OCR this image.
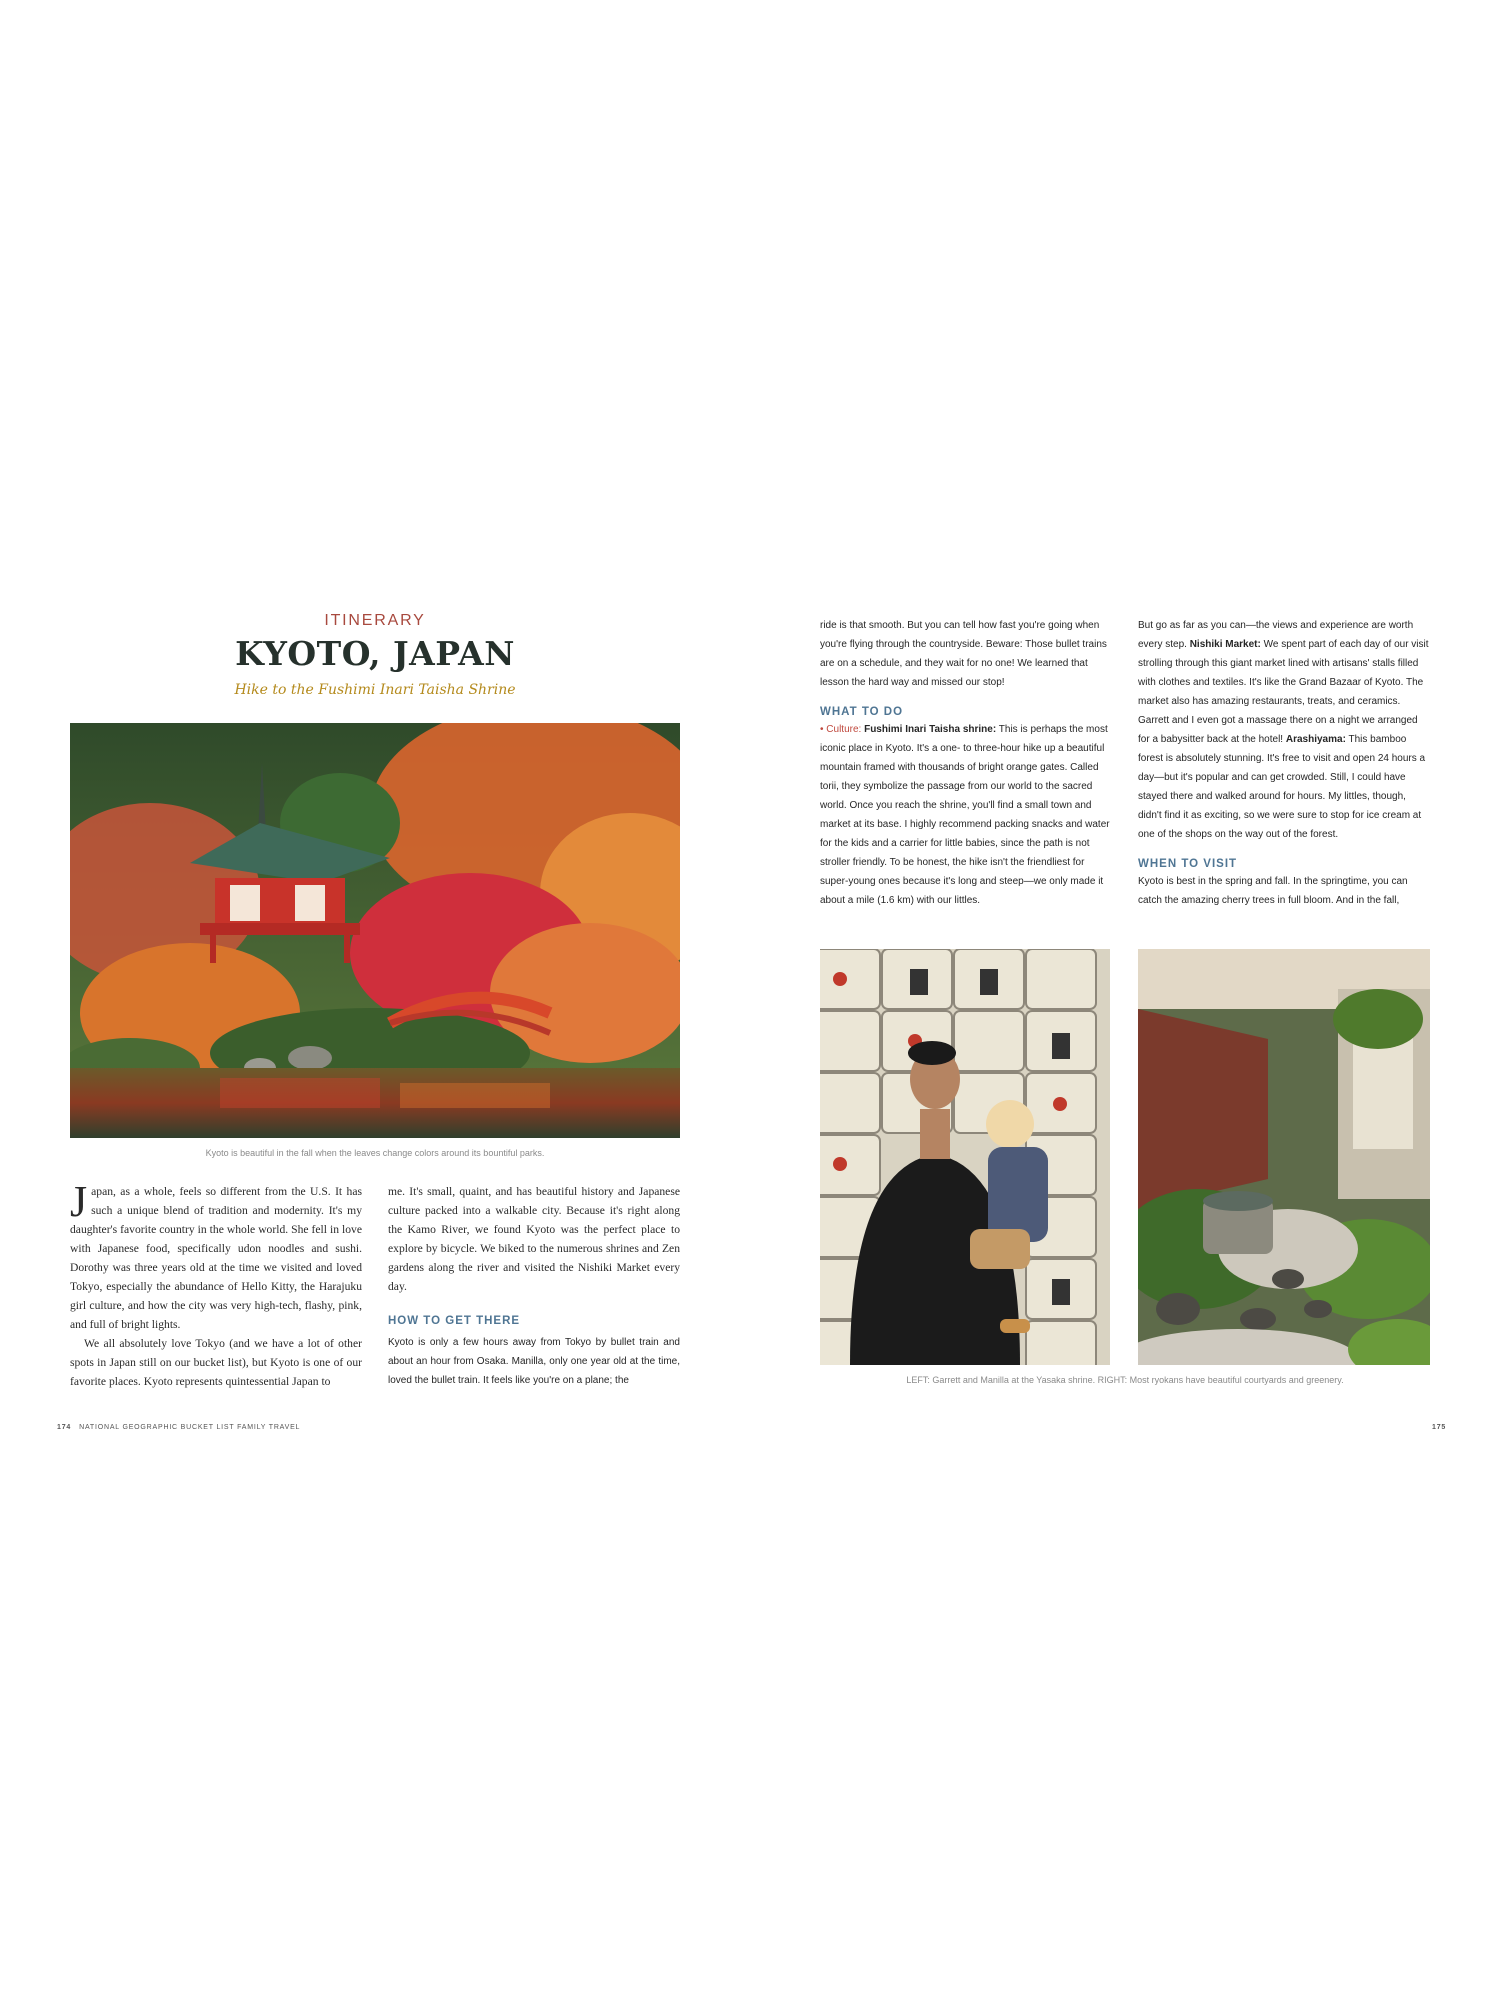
ITINERARY
KYOTO, JAPAN
Hike to the Fushimi Inari Taisha Shrine
Kyoto is beautiful in the fall when the leaves change colors around its bountiful parks.

Japan, as a whole, feels so different from the U.S. It has such a unique blend of tradition and modernity. It's my daughter's favorite country in the whole world. She fell in love with Japanese food, specifically udon noodles and sushi. Dorothy was three years old at the time we visited and loved Tokyo, especially the abundance of Hello Kitty, the Harajuku girl culture, and how the city was very high-tech, flashy, pink, and full of bright lights.

We all absolutely love Tokyo (and we have a lot of other spots in Japan still on our bucket list), but Kyoto is one of our favorite places. Kyoto represents quintessential Japan to

me. It's small, quaint, and has beautiful history and Japanese culture packed into a walkable city. Because it's right along the Kamo River, we found Kyoto was the perfect place to explore by bicycle. We biked to the numerous shrines and Zen gardens along the river and visited the Nishiki Market every day.

HOW TO GET THERE

Kyoto is only a few hours away from Tokyo by bullet train and about an hour from Osaka. Manilla, only one year old at the time, loved the bullet train. It feels like you're on a plane; the

174 NATIONAL GEOGRAPHIC BUCKET LIST FAMILY TRAVEL

ride is that smooth. But you can tell how fast you're going when you're flying through the countryside. Beware: Those bullet trains are on a schedule, and they wait for no one! We learned that lesson the hard way and missed our stop!

WHAT TO DO

• Culture: Fushimi Inari Taisha shrine: This is perhaps the most iconic place in Kyoto. It's a one- to three-hour hike up a beautiful mountain framed with thousands of bright orange gates. Called torii, they symbolize the passage from our world to the sacred world. Once you reach the shrine, you'll find a small town and market at its base. I highly recommend packing snacks and water for the kids and a carrier for little babies, since the path is not stroller friendly. To be honest, the hike isn't the friendliest for super-young ones because it's long and steep—we only made it about a mile (1.6 km) with our littles.

But go as far as you can—the views and experience are worth every step. Nishiki Market: We spent part of each day of our visit strolling through this giant market lined with artisans' stalls filled with clothes and textiles. It's like the Grand Bazaar of Kyoto. The market also has amazing restaurants, treats, and ceramics. Garrett and I even got a massage there on a night we arranged for a babysitter back at the hotel! Arashiyama: This bamboo forest is absolutely stunning. It's free to visit and open 24 hours a day—but it's popular and can get crowded. Still, I could have stayed there and walked around for hours. My littles, though, didn't find it as exciting, so we were sure to stop for ice cream at one of the shops on the way out of the forest.

WHEN TO VISIT

Kyoto is best in the spring and fall. In the springtime, you can catch the amazing cherry trees in full bloom. And in the fall,

LEFT: Garrett and Manilla at the Yasaka shrine. RIGHT: Most ryokans have beautiful courtyards and greenery.
175
